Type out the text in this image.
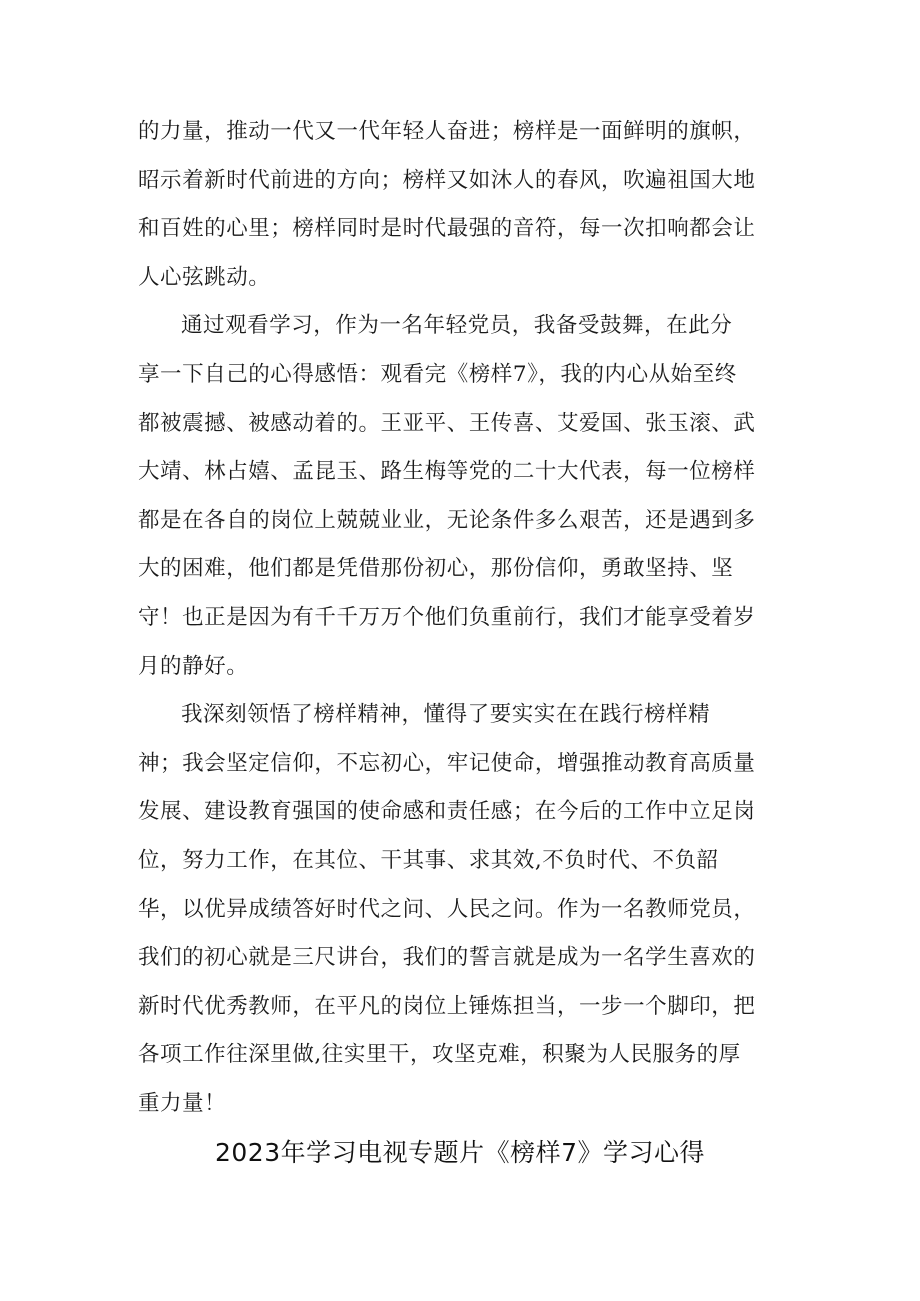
的力量，推动一代又一代年轻人奋进；榜样是一面鲜明的旗帜，
昭示着新时代前进的方向；榜样又如沐人的春风，吹遍祖国大地
和百姓的心里；榜样同时是时代最强的音符，每一次扣响都会让
人心弦跳动。
通过观看学习，作为一名年轻党员，我备受鼓舞，在此分
享一下自己的心得感悟：观看完《榜样7》，我的内心从始至终
都被震撼、被感动着的。王亚平、王传喜、艾爱国、张玉滚、武
大靖、林占嬉、孟昆玉、路生梅等党的二十大代表，每一位榜样
都是在各自的岗位上兢兢业业，无论条件多么艰苦，还是遇到多
大的困难，他们都是凭借那份初心，那份信仰，勇敢坚持、坚
守！也正是因为有千千万万个他们负重前行，我们才能享受着岁
月的静好。
我深刻领悟了榜样精神，懂得了要实实在在践行榜样精
神；我会坚定信仰，不忘初心，牢记使命，增强推动教育高质量
发展、建设教育强国的使命感和责任感；在今后的工作中立足岗
位，努力工作，在其位、干其事、求其效,不负时代、不负韶
华，以优异成绩答好时代之问、人民之问。作为一名教师党员，
我们的初心就是三尺讲台，我们的誓言就是成为一名学生喜欢的
新时代优秀教师，在平凡的岗位上锤炼担当，一步一个脚印，把
各项工作往深里做,往实里干，攻坚克难，积聚为人民服务的厚
重力量！
2023年学习电视专题片《榜样7》学习心得
